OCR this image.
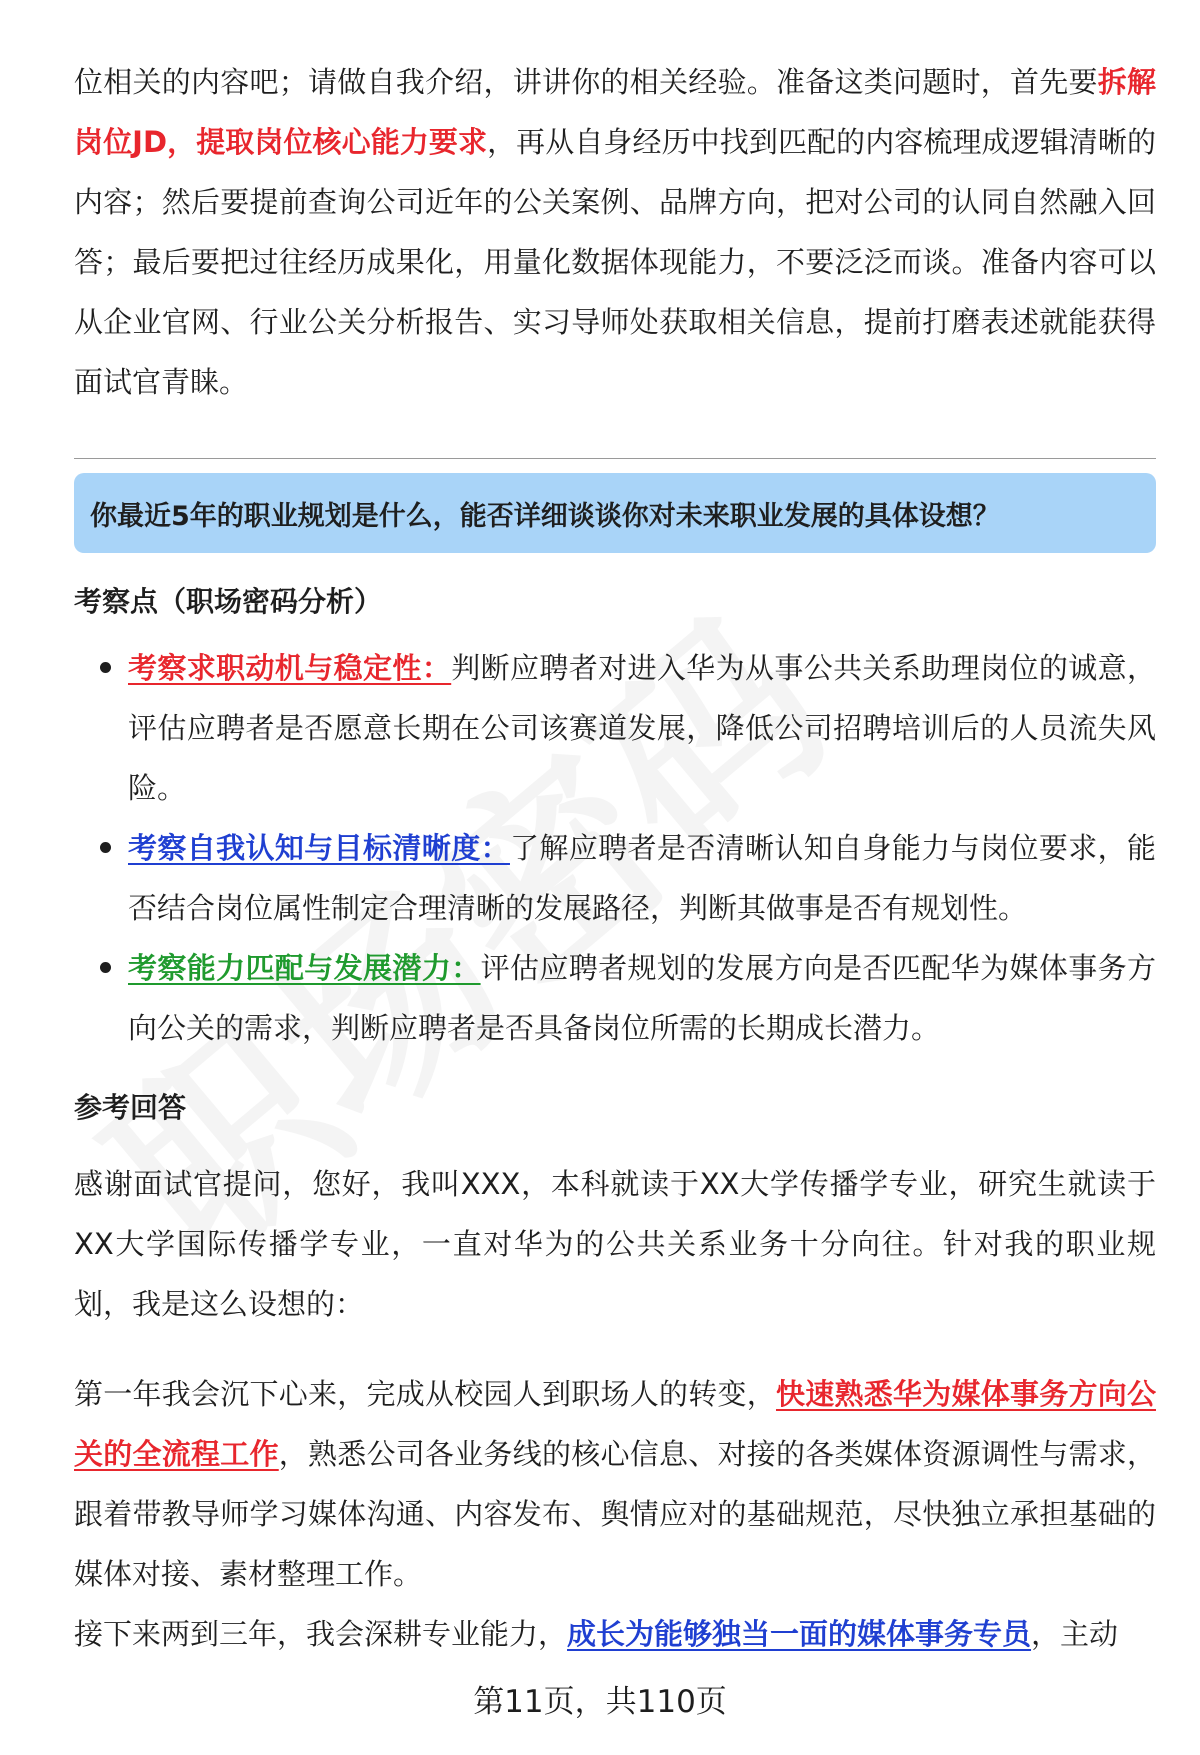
位相关的内容吧；请做自我介绍，讲讲你的相关经验。准备这类问题时，首先要拆解岗位JD，提取岗位核心能力要求，再从自身经历中找到匹配的内容梳理成逻辑清晰的内容；然后要提前查询公司近年的公关案例、品牌方向，把对公司的认同自然融入回答；最后要把过往经历成果化，用量化数据体现能力，不要泛泛而谈。准备内容可以从企业官网、行业公关分析报告、实习导师处获取相关信息，提前打磨表述就能获得面试官青睐。

你最近5年的职业规划是什么，能否详细谈谈你对未来职业发展的具体设想？
考察点（职场密码分析）
考察求职动机与稳定性：判断应聘者对进入华为从事公共关系助理岗位的诚意，评估应聘者是否愿意长期在公司该赛道发展，降低公司招聘培训后的人员流失风险。
考察自我认知与目标清晰度：了解应聘者是否清晰认知自身能力与岗位要求，能否结合岗位属性制定合理清晰的发展路径，判断其做事是否有规划性。
考察能力匹配与发展潜力：评估应聘者规划的发展方向是否匹配华为媒体事务方向公关的需求，判断应聘者是否具备岗位所需的长期成长潜力。
参考回答

感谢面试官提问，您好，我叫XXX，本科就读于XX大学传播学专业，研究生就读于XX大学国际传播学专业，一直对华为的公共关系业务十分向往。针对我的职业规划，我是这么设想的：

第一年我会沉下心来，完成从校园人到职场人的转变，快速熟悉华为媒体事务方向公关的全流程工作，熟悉公司各业务线的核心信息、对接的各类媒体资源调性与需求，跟着带教导师学习媒体沟通、内容发布、舆情应对的基础规范，尽快独立承担基础的媒体对接、素材整理工作。

接下来两到三年，我会深耕专业能力，成长为能够独当一面的媒体事务专员，主动

第11页，共110页
